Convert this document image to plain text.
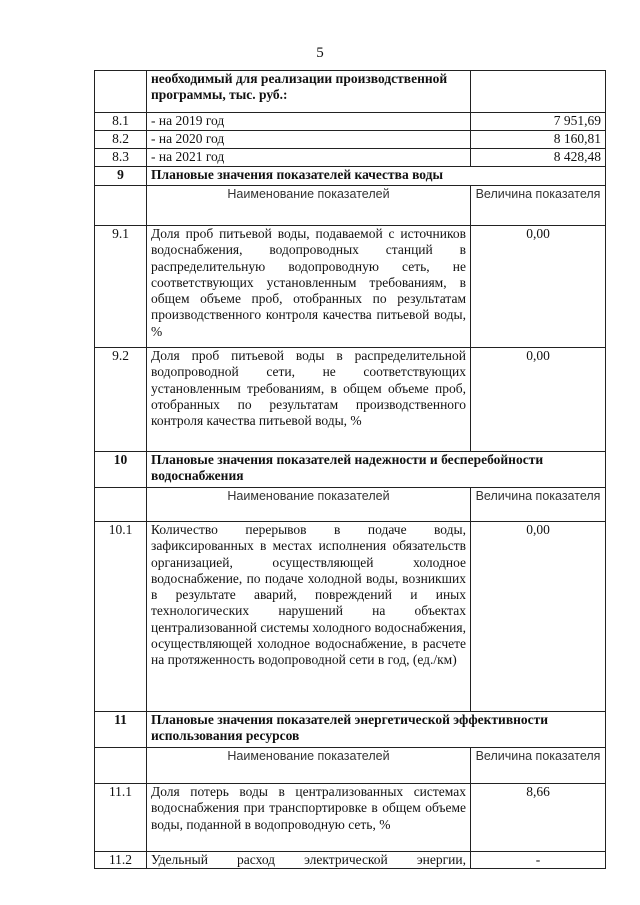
5
	необходимый для реализации производственной программы, тыс. руб.:	
8.1	- на 2019 год	7 951,69
8.2	- на 2020 год	8 160,81
8.3	- на 2021 год	8 428,48
9	Плановые значения показателей качества воды	
	Наименование показателей	Величина показателя
9.1	Доля проб питьевой воды, подаваемой с источников водоснабжения, водопроводных станций в распределительную водопроводную сеть, не соответствующих установленным требованиям, в общем объеме проб, отобранных по результатам производственного контроля качества питьевой воды, %	0,00
9.2	Доля проб питьевой воды в распределительной водопроводной сети, не соответствующих установленным требованиям, в общем объеме проб, отобранных по результатам производственного контроля качества питьевой воды, %	0,00
10	Плановые значения показателей надежности и бесперебойности водоснабжения	
	Наименование показателей	Величина показателя
10.1	Количество перерывов в подаче воды, зафиксированных в местах исполнения обязательств организацией, осуществляющей холодное водоснабжение, по подаче холодной воды, возникших в результате аварий, повреждений и иных технологических нарушений на объектах централизованной системы холодного водоснабжения, осуществляющей холодное водоснабжение, в расчете на протяженность водопроводной сети в год, (ед./км)	0,00
11	Плановые значения показателей энергетической эффективности использования ресурсов	
	Наименование показателей	Величина показателя
11.1	Доля потерь воды в централизованных системах водоснабжения при транспортировке в общем объеме воды, поданной в водопроводную сеть, %	8,66
11.2	Удельный расход электрической энергии,	-
